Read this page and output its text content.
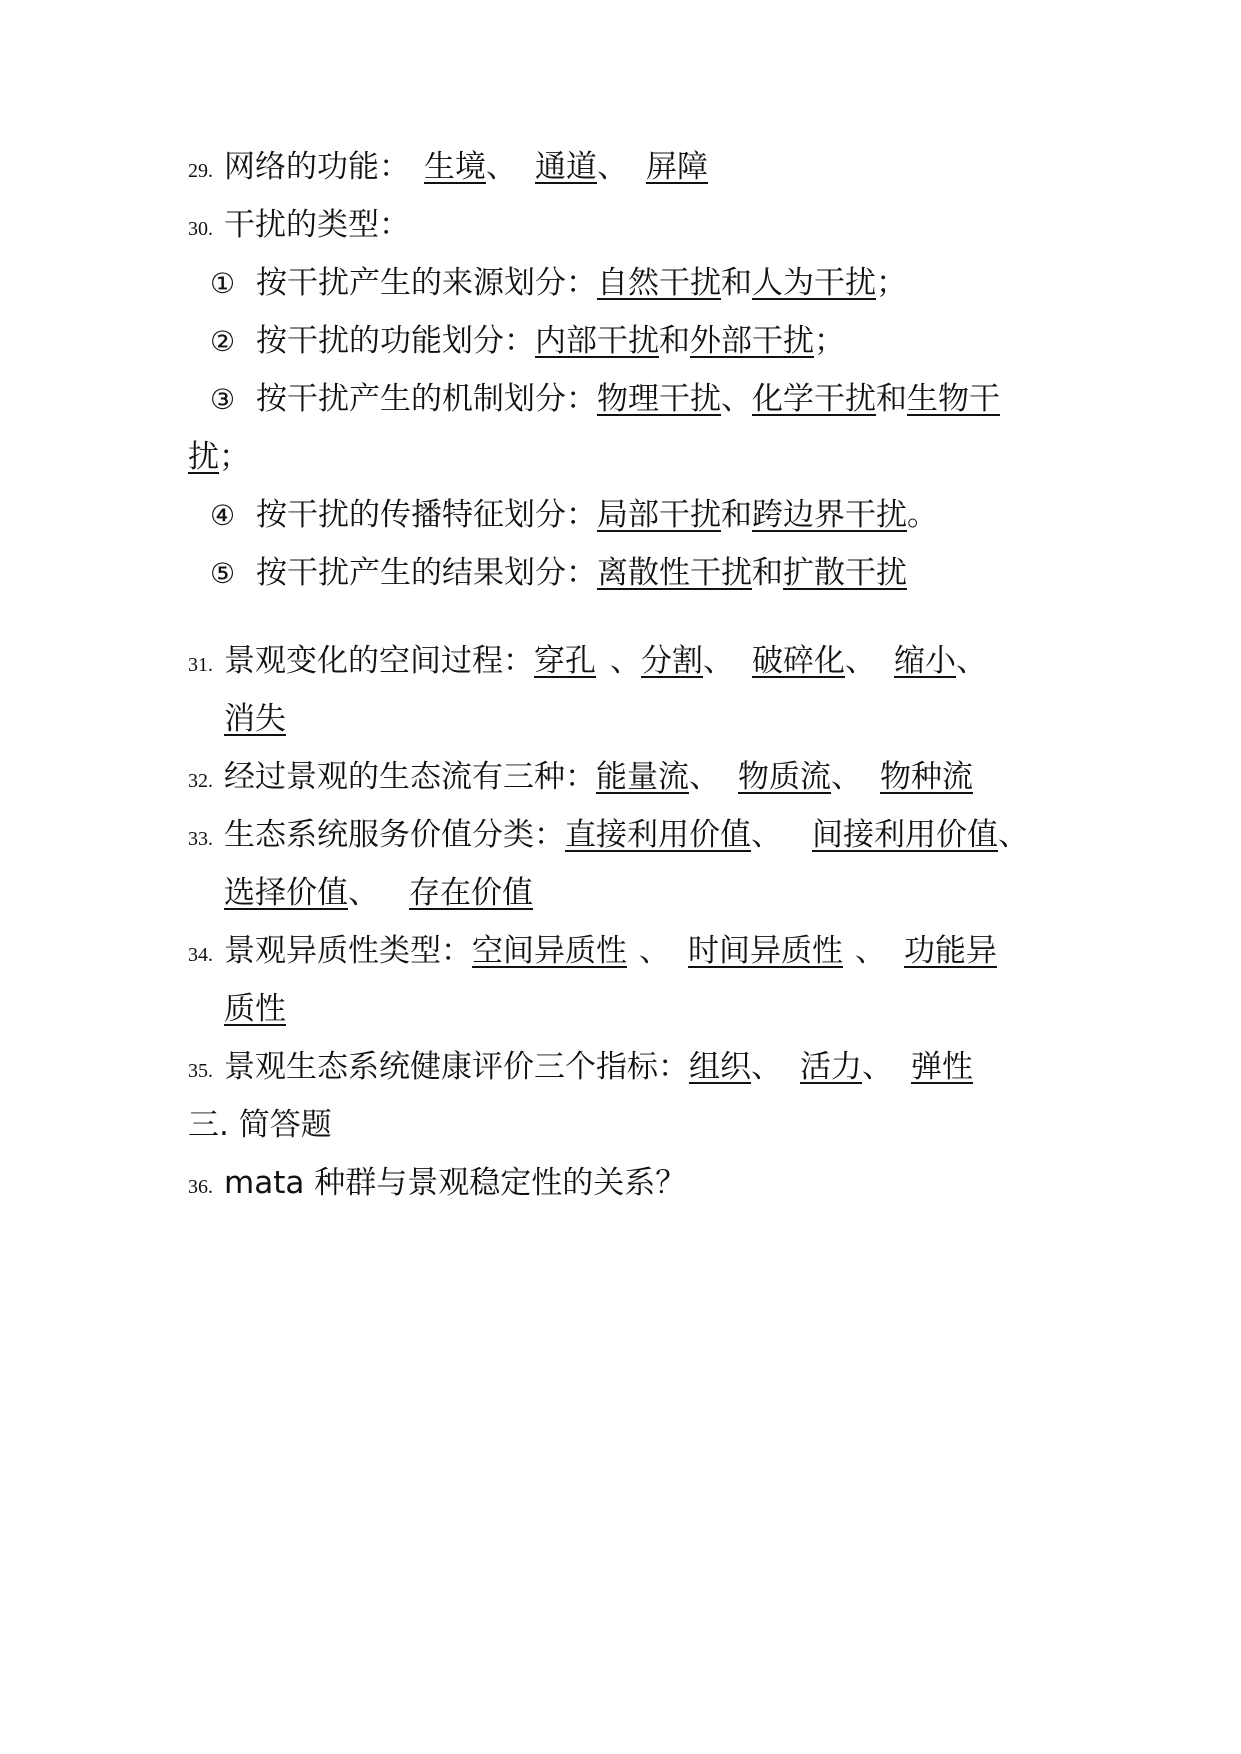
29. 网络的功能： 生境、 通道、 屏障
30. 干扰的类型：
① 按干扰产生的来源划分：自然干扰和人为干扰；
② 按干扰的功能划分：内部干扰和外部干扰；
③ 按干扰产生的机制划分：物理干扰、化学干扰和生物干
扰；
④ 按干扰的传播特征划分：局部干扰和跨边界干扰。
⑤ 按干扰产生的结果划分：离散性干扰和扩散干扰
31. 景观变化的空间过程：穿孔 、分割、 破碎化、 缩小、
消失
32. 经过景观的生态流有三种：能量流、 物质流、 物种流
33. 生态系统服务价值分类：直接利用价值、 间接利用价值、
选择价值、 存在价值
34. 景观异质性类型：空间异质性 、 时间异质性 、 功能异
质性
35. 景观生态系统健康评价三个指标：组织、 活力、 弹性
三. 简答题
36. mata 种群与景观稳定性的关系？
